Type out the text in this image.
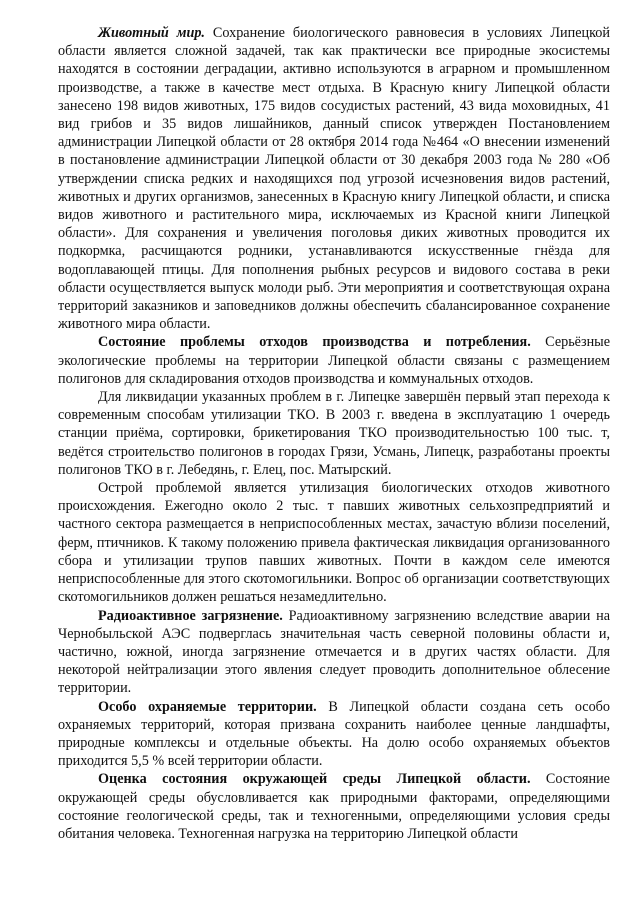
Животный мир. Сохранение биологического равновесия в условиях Липецкой области является сложной задачей, так как практически все природные экосистемы находятся в состоянии деградации, активно используются в аграрном и промышленном производстве, а также в качестве мест отдыха. В Красную книгу Липецкой области занесено 198 видов животных, 175 видов сосудистых растений, 43 вида моховидных, 41 вид грибов и 35 видов лишайников, данный список утвержден Постановлением администрации Липецкой области от 28 октября 2014 года №464 «О внесении изменений в постановление администрации Липецкой области от 30 декабря 2003 года № 280 «Об утверждении списка редких и находящихся под угрозой исчезновения видов растений, животных и других организмов, занесенных в Красную книгу Липецкой области, и списка видов животного и растительного мира, исключаемых из Красной книги Липецкой области». Для сохранения и увеличения поголовья диких животных проводится их подкормка, расчищаются родники, устанавливаются искусственные гнёзда для водоплавающей птицы. Для пополнения рыбных ресурсов и видового состава в реки области осуществляется выпуск молоди рыб. Эти мероприятия и соответствующая охрана территорий заказников и заповедников должны обеспечить сбалансированное сохранение животного мира области.

Состояние проблемы отходов производства и потребления. Серьёзные экологические проблемы на территории Липецкой области связаны с размещением полигонов для складирования отходов производства и коммунальных отходов.

Для ликвидации указанных проблем в г. Липецке завершён первый этап перехода к современным способам утилизации ТКО. В 2003 г. введена в эксплуатацию 1 очередь станции приёма, сортировки, брикетирования ТКО производительностью 100 тыс. т, ведётся строительство полигонов в городах Грязи, Усмань, Липецк, разработаны проекты полигонов ТКО в г. Лебедянь, г. Елец, пос. Матырский.

Острой проблемой является утилизация биологических отходов животного происхождения. Ежегодно около 2 тыс. т павших животных сельхозпредприятий и частного сектора размещается в неприспособленных местах, зачастую вблизи поселений, ферм, птичников. К такому положению привела фактическая ликвидация организованного сбора и утилизации трупов павших животных. Почти в каждом селе имеются неприспособленные для этого скотомогильники. Вопрос об организации соответствующих скотомогильников должен решаться незамедлительно.

Радиоактивное загрязнение. Радиоактивному загрязнению вследствие аварии на Чернобыльской АЭС подверглась значительная часть северной половины области и, частично, южной, иногда загрязнение отмечается и в других частях области. Для некоторой нейтрализации этого явления следует проводить дополнительное облесение территории.

Особо охраняемые территории. В Липецкой области создана сеть особо охраняемых территорий, которая призвана сохранить наиболее ценные ландшафты, природные комплексы и отдельные объекты. На долю особо охраняемых объектов приходится 5,5 % всей территории области.

Оценка состояния окружающей среды Липецкой области. Состояние окружающей среды обусловливается как природными факторами, определяющими состояние геологической среды, так и техногенными, определяющими условия среды обитания человека. Техногенная нагрузка на территорию Липецкой области
